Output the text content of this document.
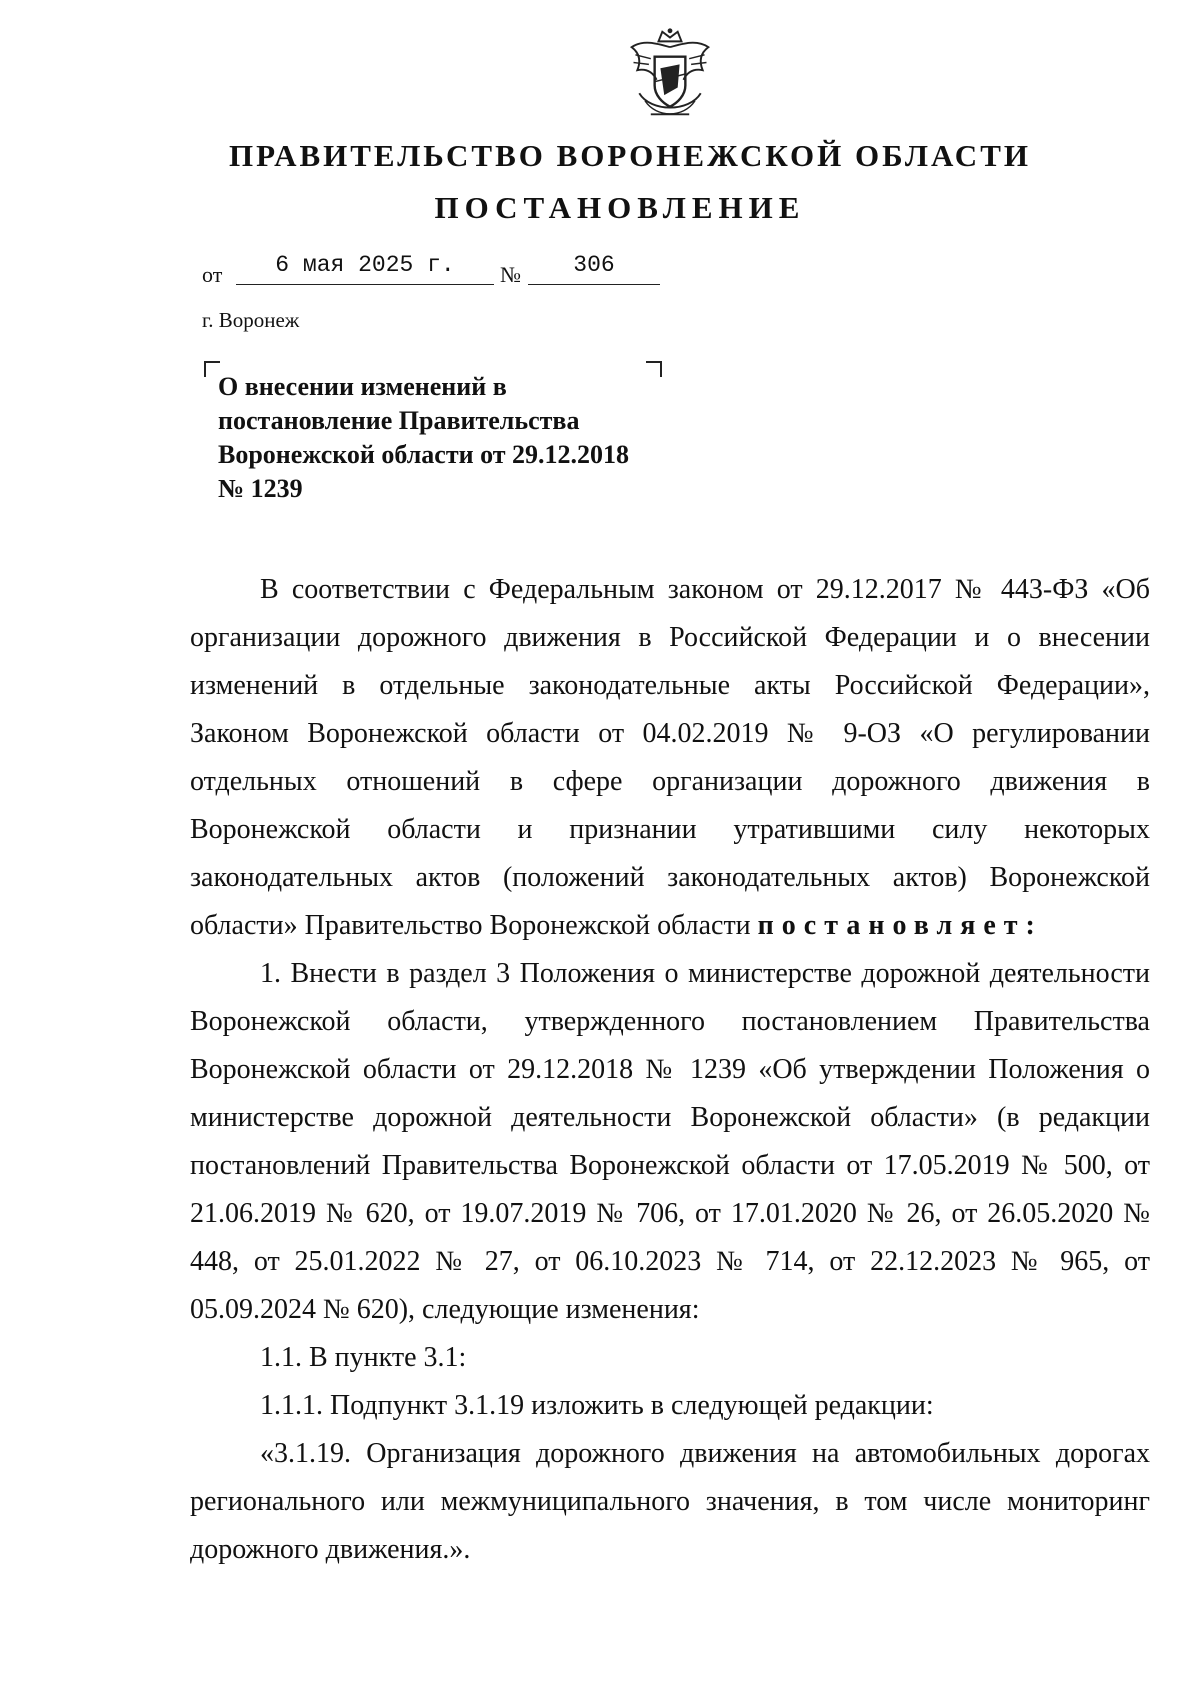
ПРАВИТЕЛЬСТВО ВОРОНЕЖСКОЙ ОБЛАСТИ
ПОСТАНОВЛЕНИЕ
от	6 мая 2025 г.	№	306
г. Воронеж
О внесении изменений в постановление Правительства Воронежской области от 29.12.2018 № 1239

В соответствии с Федеральным законом от 29.12.2017 № 443-ФЗ «Об организации дорожного движения в Российской Федерации и о внесении изменений в отдельные законодательные акты Российской Федерации», Законом Воронежской области от 04.02.2019 № 9-ОЗ «О регулировании отдельных отношений в сфере организации дорожного движения в Воронежской области и признании утратившими силу некоторых законодательных актов (положений законодательных актов) Воронежской области» Правительство Воронежской области постановляет:

1. Внести в раздел 3 Положения о министерстве дорожной деятельности Воронежской области, утвержденного постановлением Правительства Воронежской области от 29.12.2018 № 1239 «Об утверждении Положения о министерстве дорожной деятельности Воронежской области» (в редакции постановлений Правительства Воронежской области от 17.05.2019 № 500, от 21.06.2019 № 620, от 19.07.2019 № 706, от 17.01.2020 № 26, от 26.05.2020 № 448, от 25.01.2022 № 27, от 06.10.2023 № 714, от 22.12.2023 № 965, от 05.09.2024 № 620), следующие изменения:

1.1. В пункте 3.1:

1.1.1. Подпункт 3.1.19 изложить в следующей редакции:

«3.1.19. Организация дорожного движения на автомобильных дорогах регионального или межмуниципального значения, в том числе мониторинг дорожного движения.».
